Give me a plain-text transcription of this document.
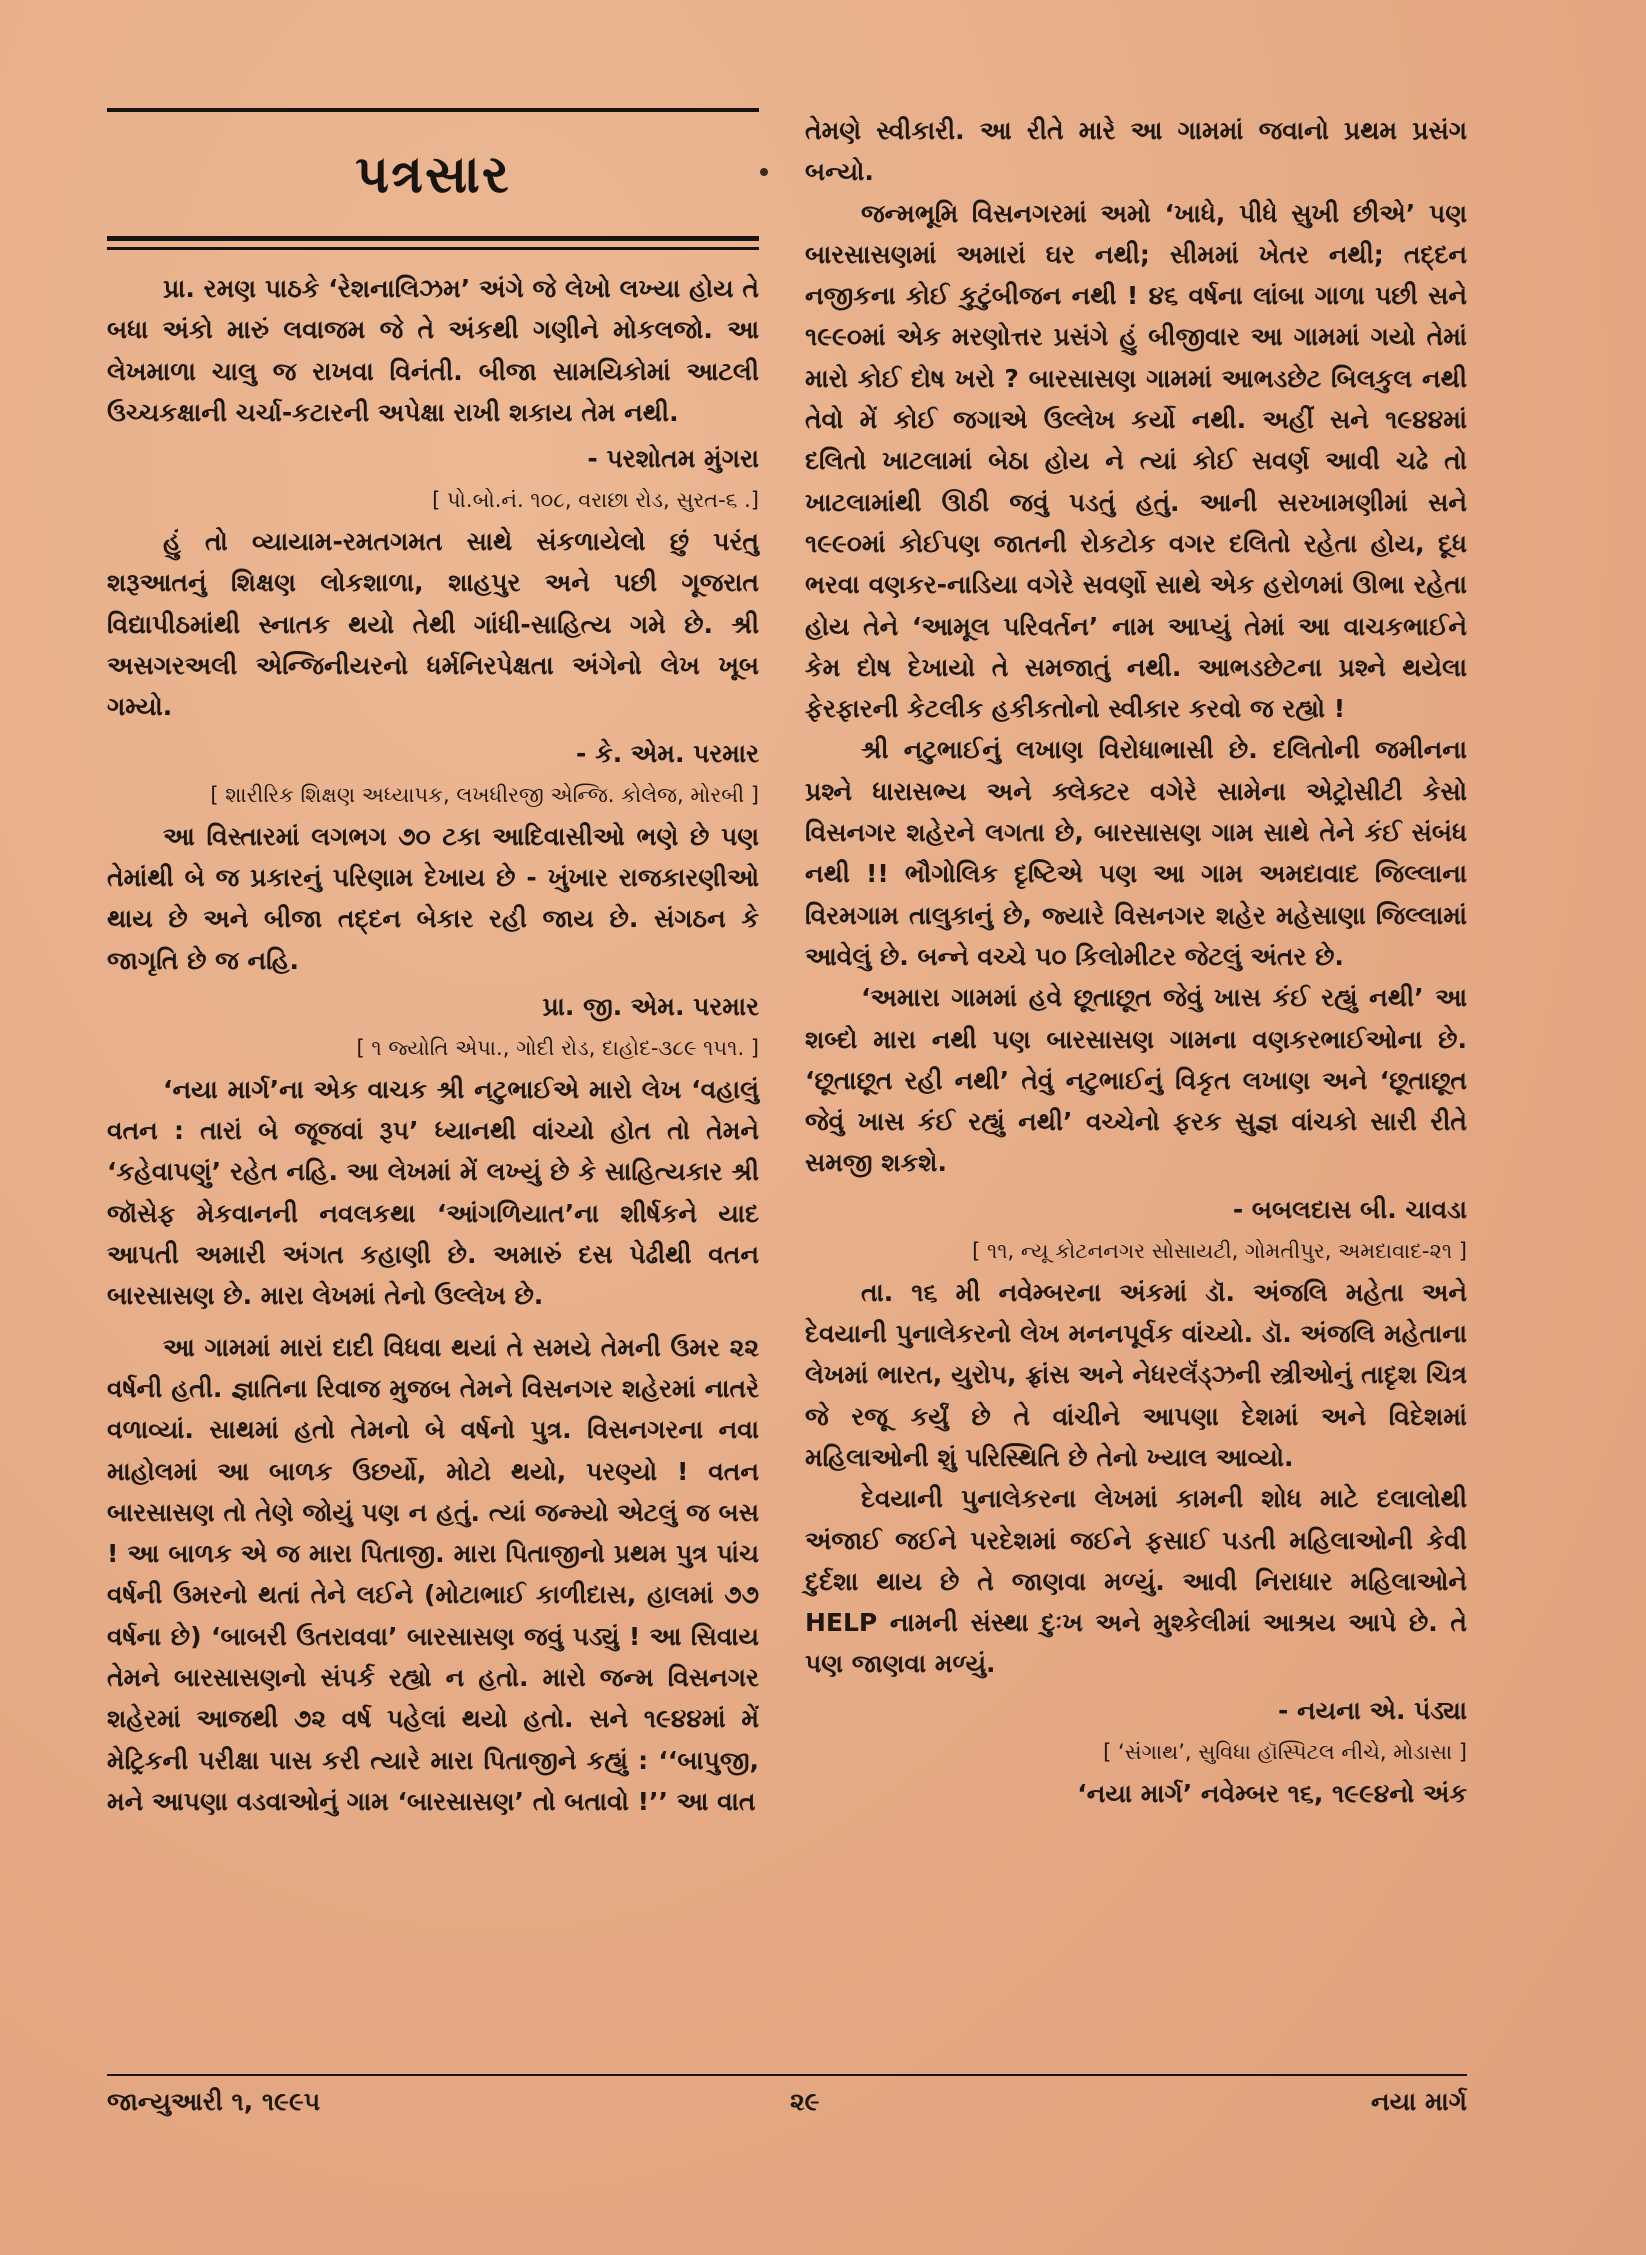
પત્રસાર

પ્રા. રમણ પાઠકે ‘રેશનાલિઝમ’ અંગે જે લેખો લખ્યા હોય તે બધા અંકો મારું લવાજમ જે તે અંકથી ગણીને મોકલજો. આ લેખમાળા ચાલુ જ રાખવા વિનંતી. બીજા સામયિકોમાં આટલી ઉચ્ચકક્ષાની ચર્ચા-કટારની અપેક્ષા રાખી શકાય તેમ નથી.

- પરશોતમ મુંગરા
[ પો.બો.નં. ૧૦૮, વરાછા રોડ, સુરત-૬ .]

હું તો વ્યાયામ-રમતગમત સાથે સંકળાયેલો છું પરંતુ શરૂઆતનું શિક્ષણ લોકશાળા, શાહપુર અને પછી ગૂજરાત વિદ્યાપીઠમાંથી સ્નાતક થયો તેથી ગાંધી-સાહિત્ય ગમે છે. શ્રી અસગરઅલી એન્જિનીયરનો ધર્મનિરપેક્ષતા અંગેનો લેખ ખૂબ ગમ્યો.

- કે. એમ. પરમાર
[ શારીરિક શિક્ષણ અધ્યાપક, લખધીરજી એન્જિ. કોલેજ, મોરબી ]

આ વિસ્તારમાં લગભગ ૭૦ ટકા આદિવાસીઓ ભણે છે પણ તેમાંથી બે જ પ્રકારનું પરિણામ દેખાય છે - ખુંખાર રાજકારણીઓ થાય છે અને બીજા તદ્દન બેકાર રહી જાય છે. સંગઠન કે જાગૃતિ છે જ નહિ.

પ્રા. જી. એમ. પરમાર
[ ૧ જ્યોતિ એપા., ગોદી રોડ, દાહોદ-૩૮૯ ૧૫૧. ]

‘નયા માર્ગ’ના એક વાચક શ્રી નટુભાઈએ મારો લેખ ‘વહાલું વતન : તારાં બે જૂજવાં રૂપ’ ધ્યાનથી વાંચ્યો હોત તો તેમને ‘કહેવાપણું’ રહેત નહિ. આ લેખમાં મેં લખ્યું છે કે સાહિત્યકાર શ્રી જૉસેફ મેકવાનની નવલકથા ‘આંગળિયાત’ના શીર્ષકને યાદ આપતી અમારી અંગત કહાણી છે. અમારું દસ પેઢીથી વતન બારસાસણ છે. મારા લેખમાં તેનો ઉલ્લેખ છે.

આ ગામમાં મારાં દાદી વિધવા થયાં તે સમયે તેમની ઉમર ૨૨ વર્ષની હતી. જ્ઞાતિના રિવાજ મુજબ તેમને વિસનગર શહેરમાં નાતરે વળાવ્યાં. સાથમાં હતો તેમનો બે વર્ષનો પુત્ર. વિસનગરના નવા માહોલમાં આ બાળક ઉછર્યો, મોટો થયો, પરણ્યો ! વતન બારસાસણ તો તેણે જોયું પણ ન હતું. ત્યાં જન્મ્યો એટલું જ બસ ! આ બાળક એ જ મારા પિતાજી. મારા પિતાજીનો પ્રથમ પુત્ર પાંચ વર્ષની ઉમરનો થતાં તેને લઈને (મોટાભાઈ કાળીદાસ, હાલમાં ૭૭ વર્ષના છે) ‘બાબરી ઉતરાવવા’ બારસાસણ જવું પડ્યું ! આ સિવાય તેમને બારસાસણનો સંપર્ક રહ્યો ન હતો. મારો જન્મ વિસનગર શહેરમાં આજથી ૭૨ વર્ષ પહેલાં થયો હતો. સને ૧૯૪૪માં મેં મેટ્રિકની પરીક્ષા પાસ કરી ત્યારે મારા પિતાજીને કહ્યું : ‘‘બાપુજી, મને આપણા વડવાઓનું ગામ ‘બારસાસણ’ તો બતાવો !’’ આ વાત

તેમણે સ્વીકારી. આ રીતે મારે આ ગામમાં જવાનો પ્રથમ પ્રસંગ બન્યો.

જન્મભૂમિ વિસનગરમાં અમો ‘ખાધે, પીધે સુખી છીએ’ પણ બારસાસણમાં અમારાં ઘર નથી; સીમમાં ખેતર નથી; તદ્દન નજીકના કોઈ કુટુંબીજન નથી ! ૪૬ વર્ષના લાંબા ગાળા પછી સને ૧૯૯૦માં એક મરણોત્તર પ્રસંગે હું બીજીવાર આ ગામમાં ગયો તેમાં મારો કોઈ દોષ ખરો ? બારસાસણ ગામમાં આભડછેટ બિલકુલ નથી તેવો મેં કોઈ જગાએ ઉલ્લેખ કર્યો નથી. અહીં સને ૧૯૪૪માં દલિતો ખાટલામાં બેઠા હોય ને ત્યાં કોઈ સવર્ણ આવી ચઢે તો ખાટલામાંથી ઊઠી જવું પડતું હતું. આની સરખામણીમાં સને ૧૯૯૦માં કોઈપણ જાતની રોકટોક વગર દલિતો રહેતા હોય, દૂધ ભરવા વણકર-નાડિયા વગેરે સવર્ણો સાથે એક હરોળમાં ઊભા રહેતા હોય તેને ‘આમૂલ પરિવર્તન’ નામ આપ્યું તેમાં આ વાચકભાઈને કેમ દોષ દેખાયો તે સમજાતું નથી. આભડછેટના પ્રશ્ને થયેલા ફેરફારની કેટલીક હકીકતોનો સ્વીકાર કરવો જ રહ્યો !

શ્રી નટુભાઈનું લખાણ વિરોધાભાસી છે. દલિતોની જમીનના પ્રશ્ને ધારાસભ્ય અને ક્લેક્ટર વગેરે સામેના એટ્રોસીટી કેસો વિસનગર શહેરને લગતા છે, બારસાસણ ગામ સાથે તેને કંઈ સંબંધ નથી !! ભૌગોલિક દૃષ્ટિએ પણ આ ગામ અમદાવાદ જિલ્લાના વિરમગામ તાલુકાનું છે, જ્યારે વિસનગર શહેર મહેસાણા જિલ્લામાં આવેલું છે. બન્ને વચ્ચે ૫૦ કિલોમીટર જેટલું અંતર છે.

‘અમારા ગામમાં હવે છૂતાછૂત જેવું ખાસ કંઈ રહ્યું નથી’ આ શબ્દો મારા નથી પણ બારસાસણ ગામના વણકરભાઈઓના છે. ‘છૂતાછૂત રહી નથી’ તેવું નટુભાઈનું વિકૃત લખાણ અને ‘છૂતાછૂત જેવું ખાસ કંઈ રહ્યું નથી’ વચ્ચેનો ફરક સુજ્ઞ વાંચકો સારી રીતે સમજી શકશે.

- બબલદાસ બી. ચાવડા
[ ૧૧, ન્યૂ કોટનનગર સોસાયટી, ગોમતીપુર, અમદાવાદ-૨૧ ]

તા. ૧૬ મી નવેમ્બરના અંકમાં ડૉ. અંજલિ મહેતા અને દેવયાની પુનાલેકરનો લેખ મનનપૂર્વક વાંચ્યો. ડૉ. અંજલિ મહેતાના લેખમાં ભારત, યુરોપ, ફ્રાંસ અને નેધરલૅંડ્ઝની સ્ત્રીઓનું તાદૃશ ચિત્ર જે રજૂ કર્યું છે તે વાંચીને આપણા દેશમાં અને વિદેશમાં મહિલાઓની શું પરિસ્થિતિ છે તેનો ખ્યાલ આવ્યો.

દેવયાની પુનાલેકરના લેખમાં કામની શોધ માટે દલાલોથી અંજાઈ જઈને પરદેશમાં જઈને ફસાઈ પડતી મહિલાઓની કેવી દુર્દશા થાય છે તે જાણવા મળ્યું. આવી નિરાધાર મહિલાઓને HELP નામની સંસ્થા દુઃખ અને મુશ્કેલીમાં આશ્રય આપે છે. તે પણ જાણવા મળ્યું.

- નયના એ. પંડ્યા
[ ‘સંગાથ’, સુવિધા હૉસ્પિટલ નીચે, મોડાસા ]

‘નયા માર્ગ’ નવેમ્બર ૧૬, ૧૯૯૪નો અંક

જાન્યુઆરી ૧, ૧૯૯૫	૨૯	નયા માર્ગ
